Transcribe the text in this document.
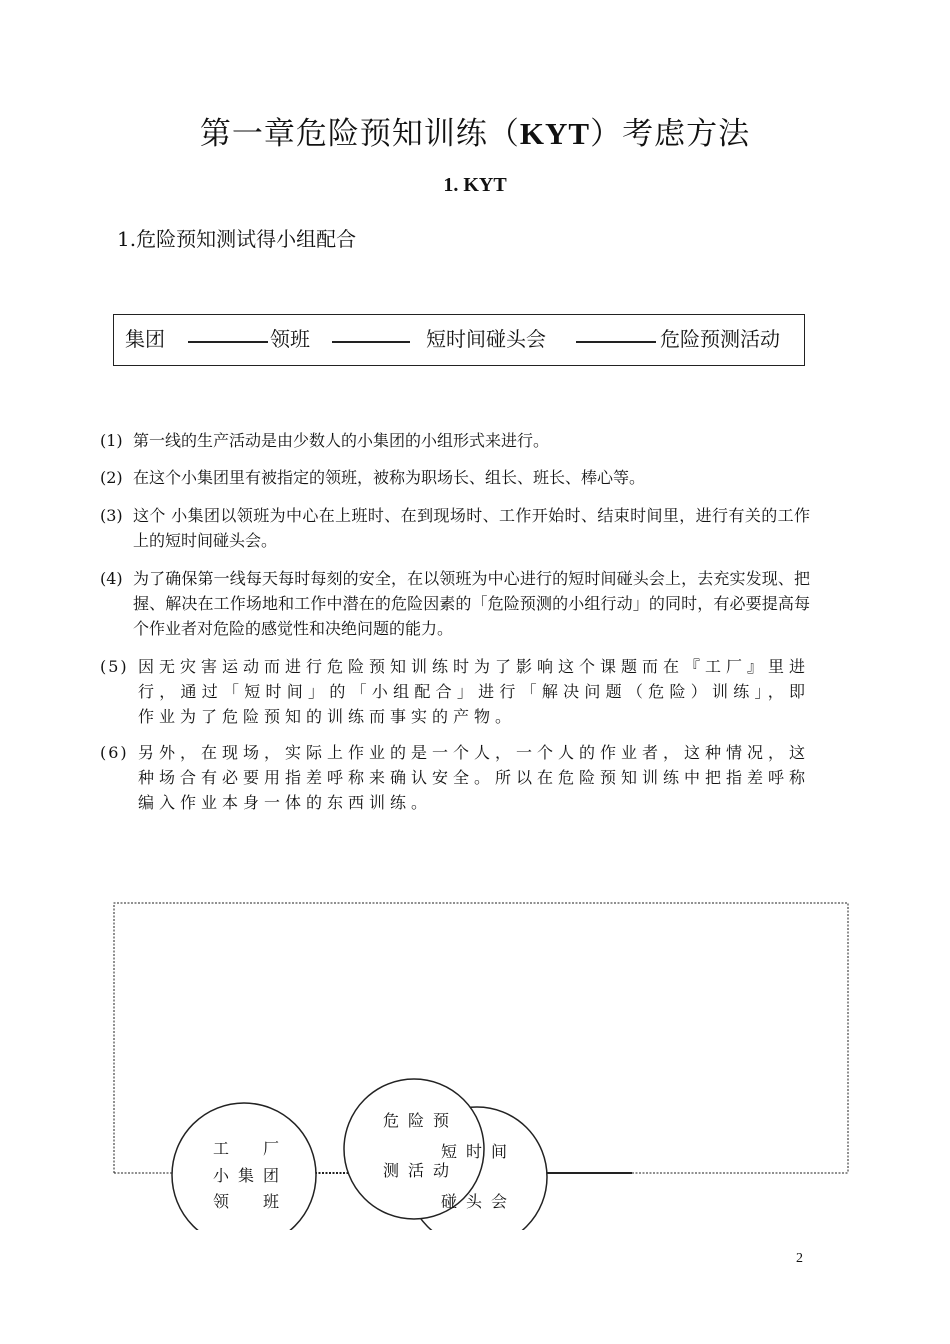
第一章危险预知训练（KYT）考虑方法
1. KYT
1.危险预知测试得小组配合
集团	领班	短时间碰头会	危险预测活动
(1) 第一线的生产活动是由少数人的小集团的小组形式来进行。
(2) 在这个小集团里有被指定的领班，被称为职场长、组长、班长、棒心等。
(3) 这个 小集团以领班为中心在上班时、在到现场时、工作开始时、结束时间里，进行有关的工作上的短时间碰头会。
(4) 为了确保第一线每天每时每刻的安全，在以领班为中心进行的短时间碰头会上，去充实发现、把握、解决在工作场地和工作中潜在的危险因素的「危险预测的小组行动」的同时，有必要提高每个作业者对危险的感觉性和决绝问题的能力。
(5) 因无灾害运动而进行危险预知训练时为了影响这个课题而在『工厂』里进行，通过「短时间」的「小组配合」进行「解决问题（危险）训练」，即作业为了危险预知的训练而事实的产物。
(6) 另外，在现场，实际上作业的是一个人，一个人的作业者，这种情况，这种场合有必要用指差呼称来确认安全。所以在危险预知训练中把指差呼称编入作业本身一体的东西训练。
工　厂
小集团
领　班
危险预
测活动
短时间
碰头会
2
